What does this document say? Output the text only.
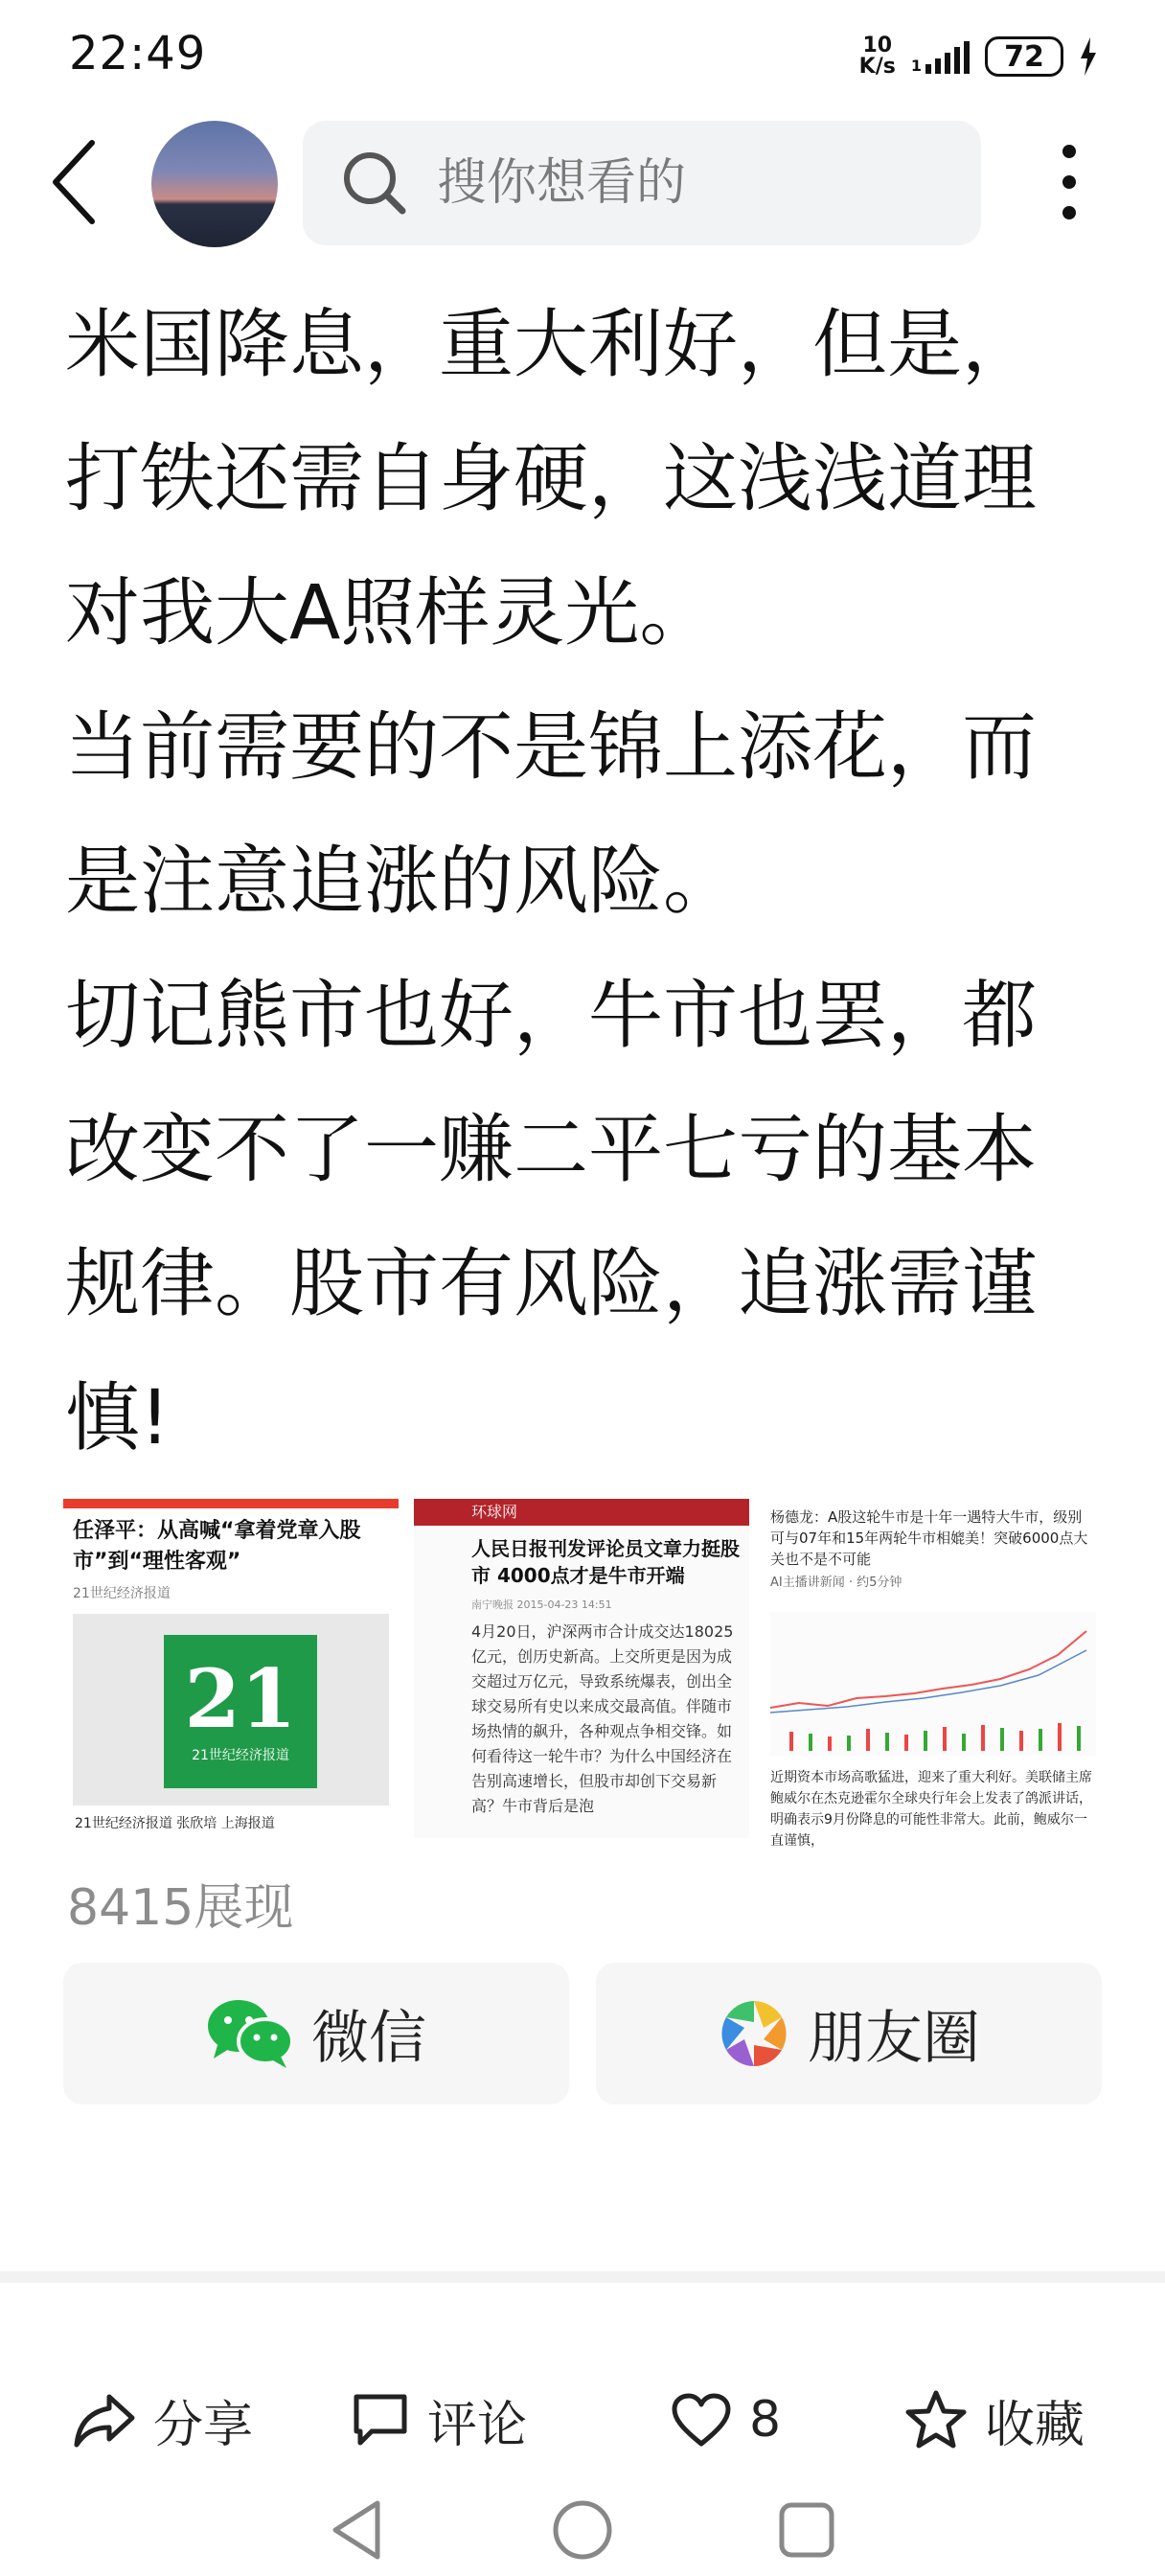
22:49	10
K/s 1	72
搜你想看的

米国降息，重大利好，但是，打铁还需自身硬，这浅浅道理对我大A照样灵光。

当前需要的不是锦上添花，而是注意追涨的风险。

切记熊市也好，牛市也罢，都改变不了一赚二平七亏的基本规律。股市有风险，追涨需谨慎!

任泽平：从高喊“拿着党章入股市”到“理性客观”
21世纪经济报道
21
21世纪经济报道
21世纪经济报道 张欣培 上海报道
环球网
人民日报刊发评论员文章力挺股市 4000点才是牛市开端
南宁晚报 2015-04-23 14:51
4月20日，沪深两市合计成交达18025亿元，创历史新高。上交所更是因为成交超过万亿元，导致系统爆表，创出全球交易所有史以来成交最高值。伴随市场热情的飙升，各种观点争相交锋。如何看待这一轮牛市？为什么中国经济在告别高速增长，但股市却创下交易新高？牛市背后是泡
杨德龙：A股这轮牛市是十年一遇特大牛市，级别可与07年和15年两轮牛市相媲美！突破6000点大关也不是不可能
AI主播讲新闻 · 约5分钟
近期资本市场高歌猛进，迎来了重大利好。美联储主席鲍威尔在杰克逊霍尔全球央行年会上发表了鸽派讲话，明确表示9月份降息的可能性非常大。此前，鲍威尔一直谨慎，
8415展现
微信	朋友圈
分享	评论	8	收藏
